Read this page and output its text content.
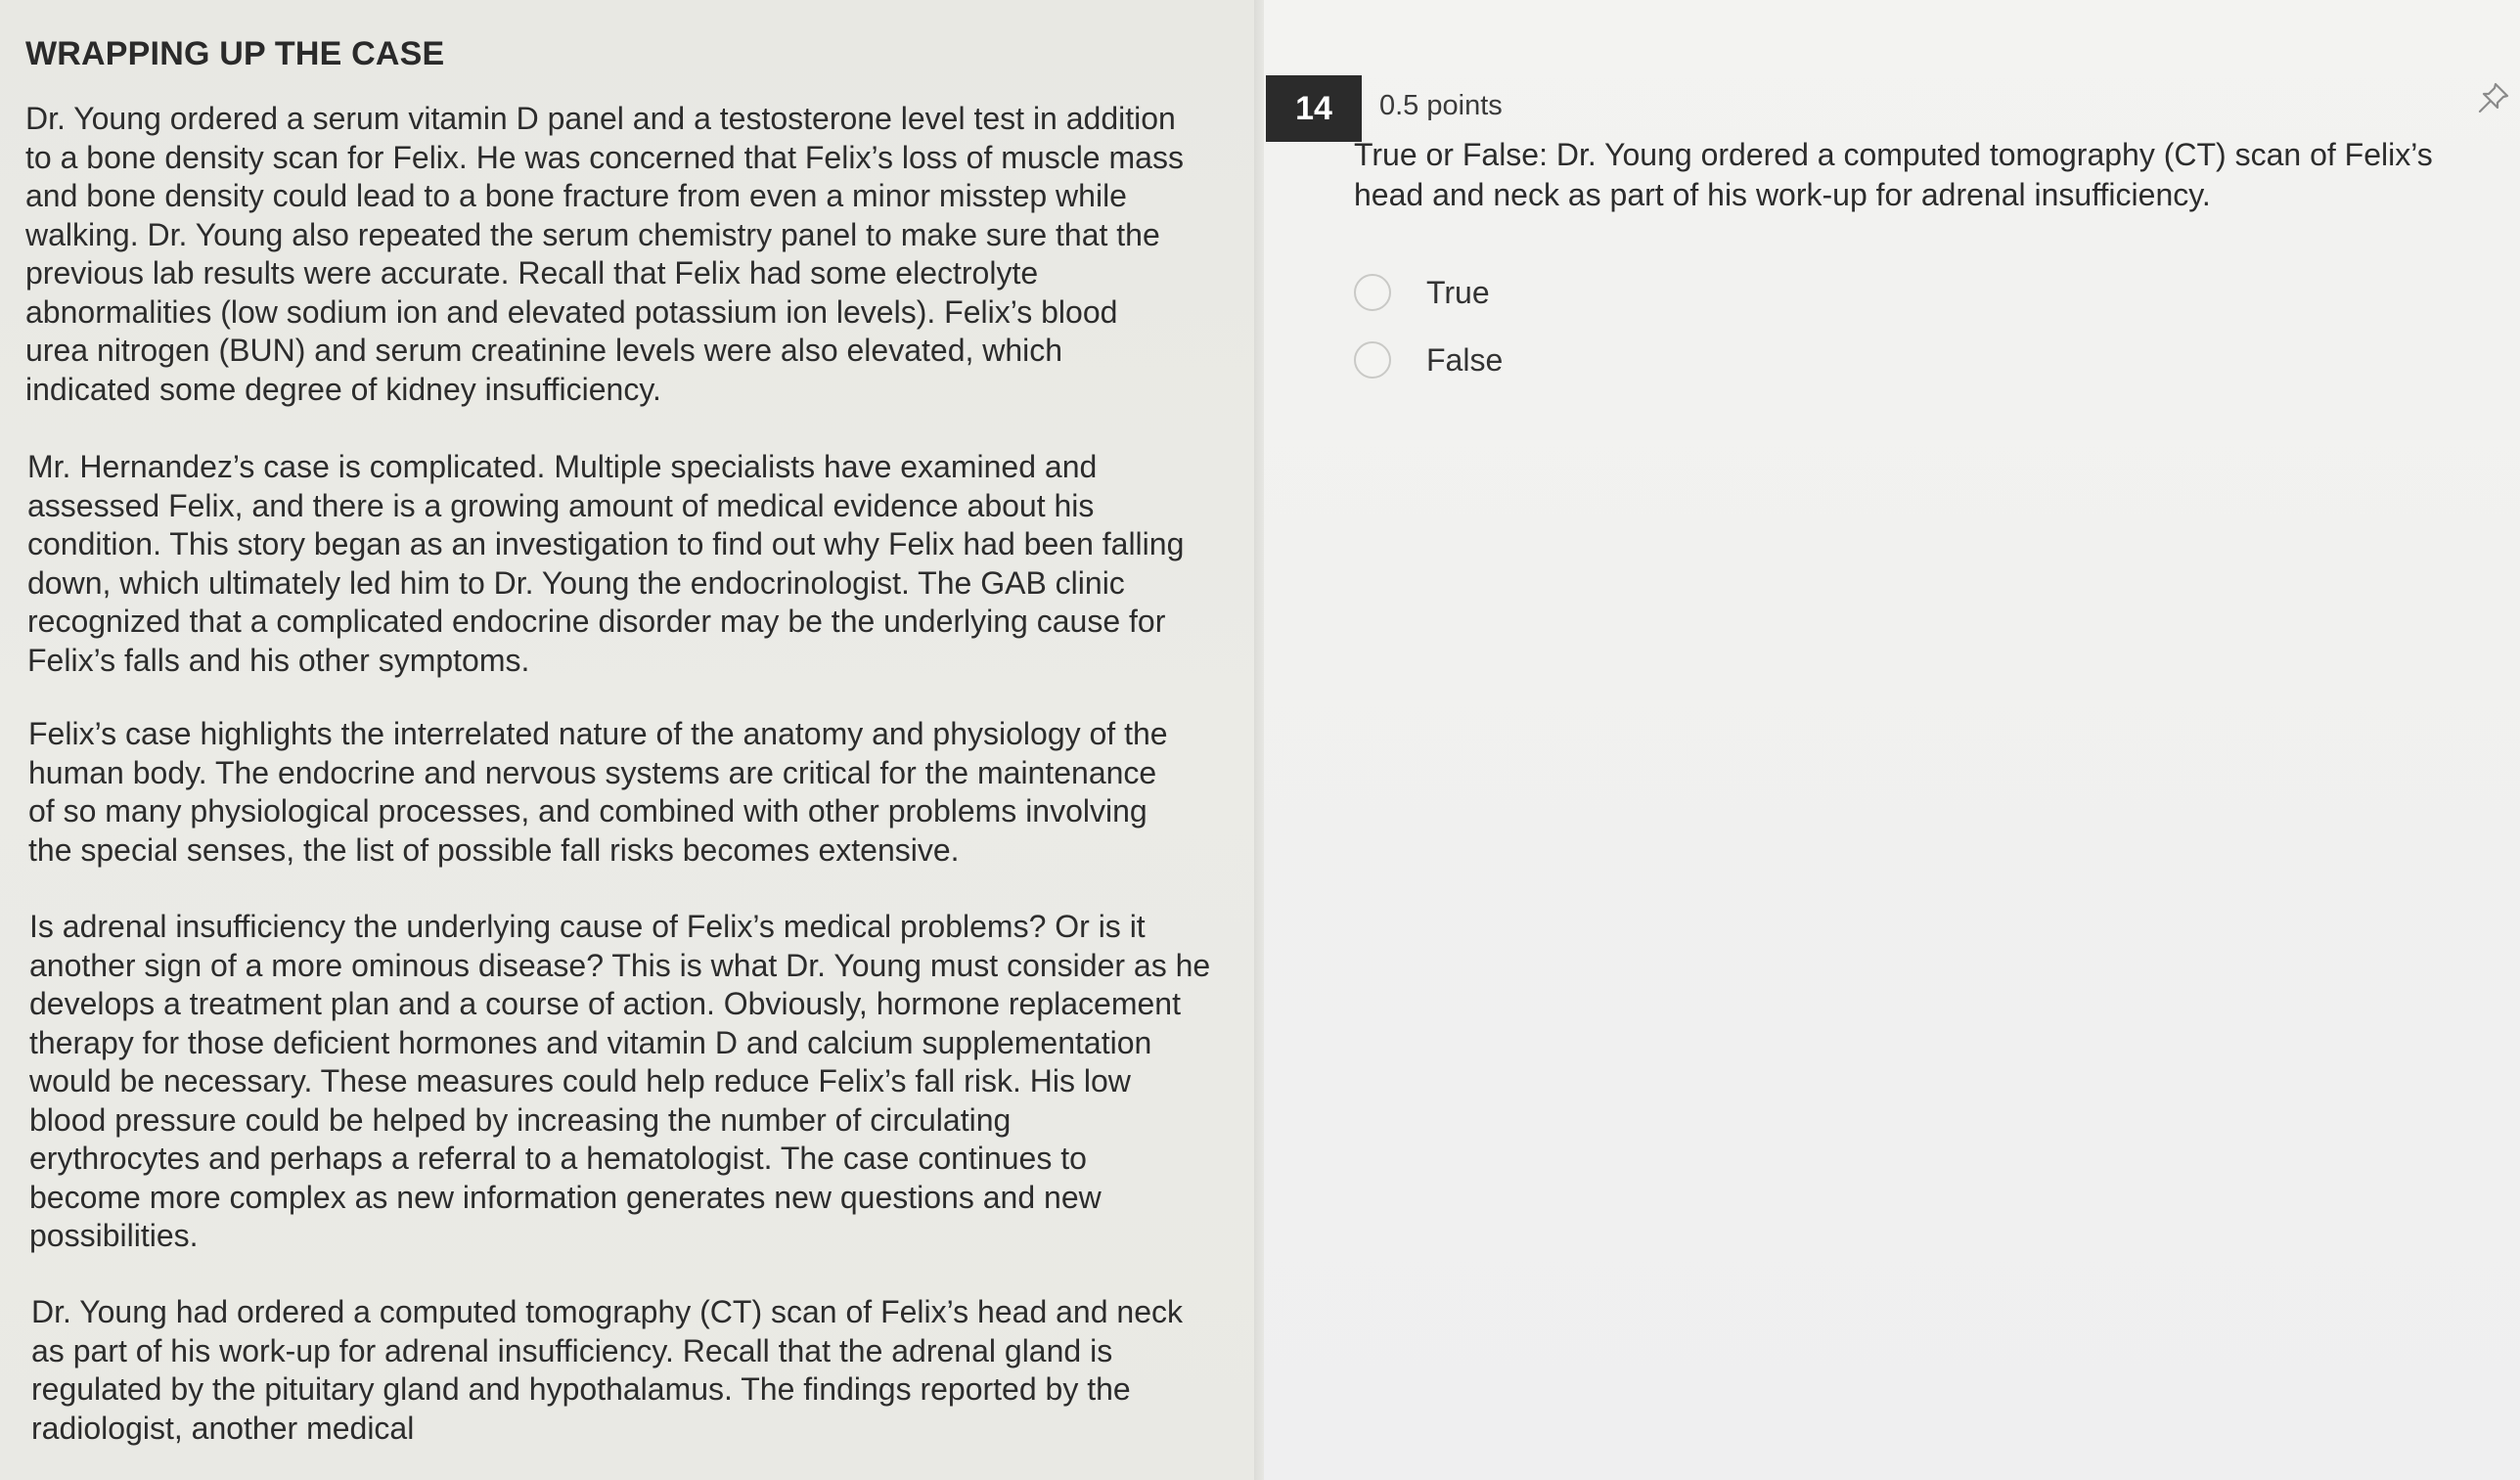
WRAPPING UP THE CASE

Dr. Young ordered a serum vitamin D panel and a testosterone level test in addition
to a bone density scan for Felix. He was concerned that Felix’s loss of muscle mass
and bone density could lead to a bone fracture from even a minor misstep while
walking. Dr. Young also repeated the serum chemistry panel to make sure that the
previous lab results were accurate. Recall that Felix had some electrolyte
abnormalities (low sodium ion and elevated potassium ion levels). Felix’s blood
urea nitrogen (BUN) and serum creatinine levels were also elevated, which
indicated some degree of kidney insufficiency.

Mr. Hernandez’s case is complicated. Multiple specialists have examined and
assessed Felix, and there is a growing amount of medical evidence about his
condition. This story began as an investigation to find out why Felix had been falling
down, which ultimately led him to Dr. Young the endocrinologist. The GAB clinic
recognized that a complicated endocrine disorder may be the underlying cause for
Felix’s falls and his other symptoms.

Felix’s case highlights the interrelated nature of the anatomy and physiology of the
human body. The endocrine and nervous systems are critical for the maintenance
of so many physiological processes, and combined with other problems involving
the special senses, the list of possible fall risks becomes extensive.

Is adrenal insufficiency the underlying cause of Felix’s medical problems? Or is it
another sign of a more ominous disease? This is what Dr. Young must consider as he
develops a treatment plan and a course of action. Obviously, hormone replacement
therapy for those deficient hormones and vitamin D and calcium supplementation
would be necessary. These measures could help reduce Felix’s fall risk. His low
blood pressure could be helped by increasing the number of circulating
erythrocytes and perhaps a referral to a hematologist. The case continues to
become more complex as new information generates new questions and new
possibilities.

Dr. Young had ordered a computed tomography (CT) scan of Felix’s head and neck
as part of his work-up for adrenal insufficiency. Recall that the adrenal gland is
regulated by the pituitary gland and hypothalamus. The findings reported by the
radiologist, another medical

14	0.5 points

True or False: Dr. Young ordered a computed tomography (CT) scan of Felix’s head and neck as part of his work-up for adrenal insufficiency.

True
False
